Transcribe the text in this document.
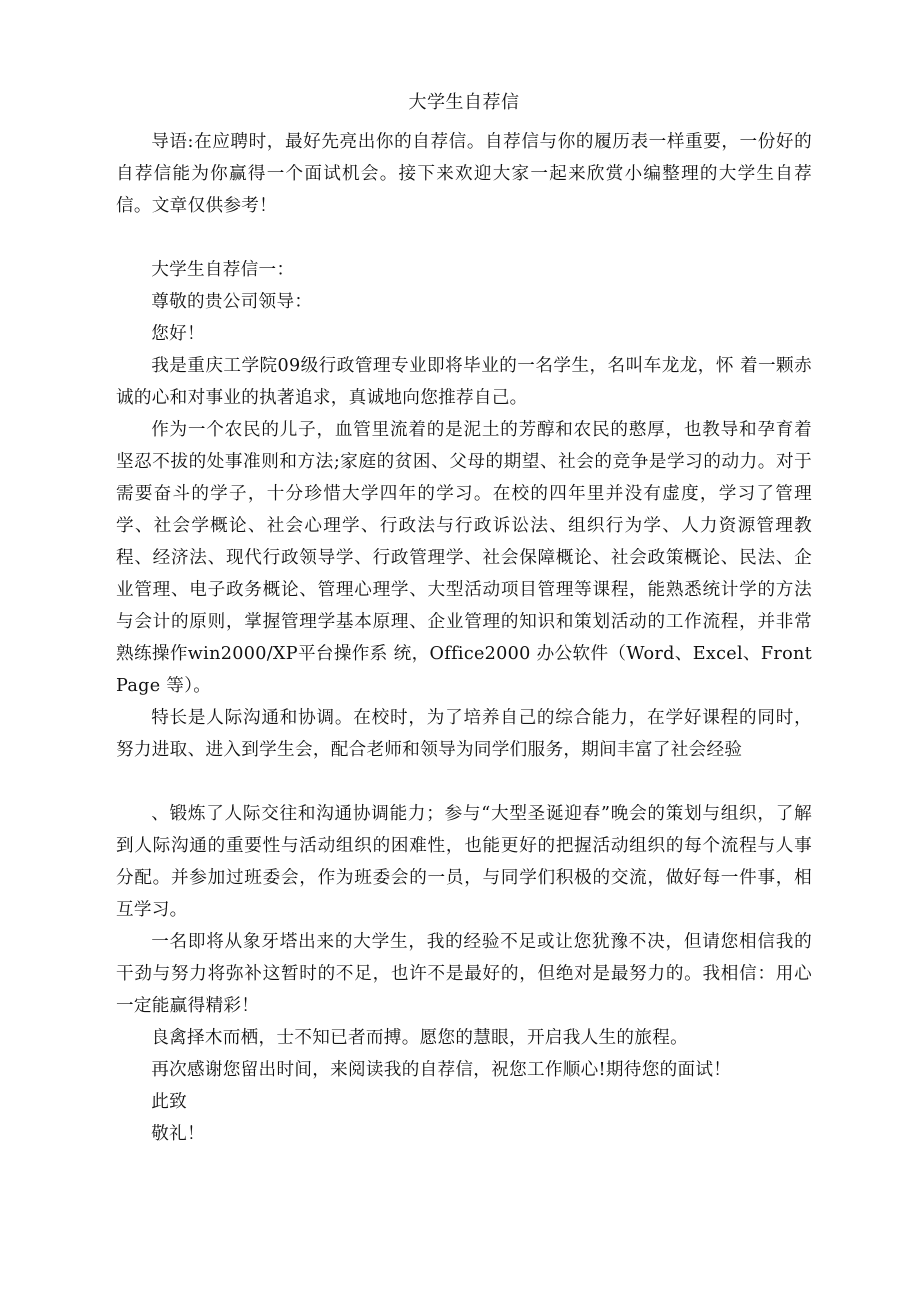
大学生自荐信

导语:在应聘时，最好先亮出你的自荐信。自荐信与你的履历表一样重要，一份好的自荐信能为你赢得一个面试机会。接下来欢迎大家一起来欣赏小编整理的大学生自荐信。文章仅供参考！

大学生自荐信一：

尊敬的贵公司领导：

您好！

我是重庆工学院09级行政管理专业即将毕业的一名学生，名叫车龙龙，怀 着一颗赤诚的心和对事业的执著追求，真诚地向您推荐自己。

作为一个农民的儿子，血管里流着的是泥土的芳醇和农民的憨厚，也教导和孕育着坚忍不拔的处事准则和方法;家庭的贫困、父母的期望、社会的竞争是学习的动力。对于需要奋斗的学子，十分珍惜大学四年的学习。在校的四年里并没有虚度，学习了管理学、社会学概论、社会心理学、行政法与行政诉讼法、组织行为学、人力资源管理教程、经济法、现代行政领导学、行政管理学、社会保障概论、社会政策概论、民法、企业管理、电子政务概论、管理心理学、大型活动项目管理等课程，能熟悉统计学的方法与会计的原则，掌握管理学基本原理、企业管理的知识和策划活动的工作流程，并非常熟练操作win2000/XP平台操作系 统，Office2000 办公软件（Word、Excel、FrontPage 等）。

特长是人际沟通和协调。在校时，为了培养自己的综合能力，在学好课程的同时，努力进取、进入到学生会，配合老师和领导为同学们服务，期间丰富了社会经验

、锻炼了人际交往和沟通协调能力；参与“大型圣诞迎春”晚会的策划与组织，了解到人际沟通的重要性与活动组织的困难性，也能更好的把握活动组织的每个流程与人事分配。并参加过班委会，作为班委会的一员，与同学们积极的交流，做好每一件事，相互学习。

一名即将从象牙塔出来的大学生，我的经验不足或让您犹豫不决，但请您相信我的干劲与努力将弥补这暂时的不足，也许不是最好的，但绝对是最努力的。我相信：用心一定能赢得精彩！

良禽择木而栖，士不知已者而搏。愿您的慧眼，开启我人生的旅程。

再次感谢您留出时间，来阅读我的自荐信，祝您工作顺心!期待您的面试！

此致

敬礼！
